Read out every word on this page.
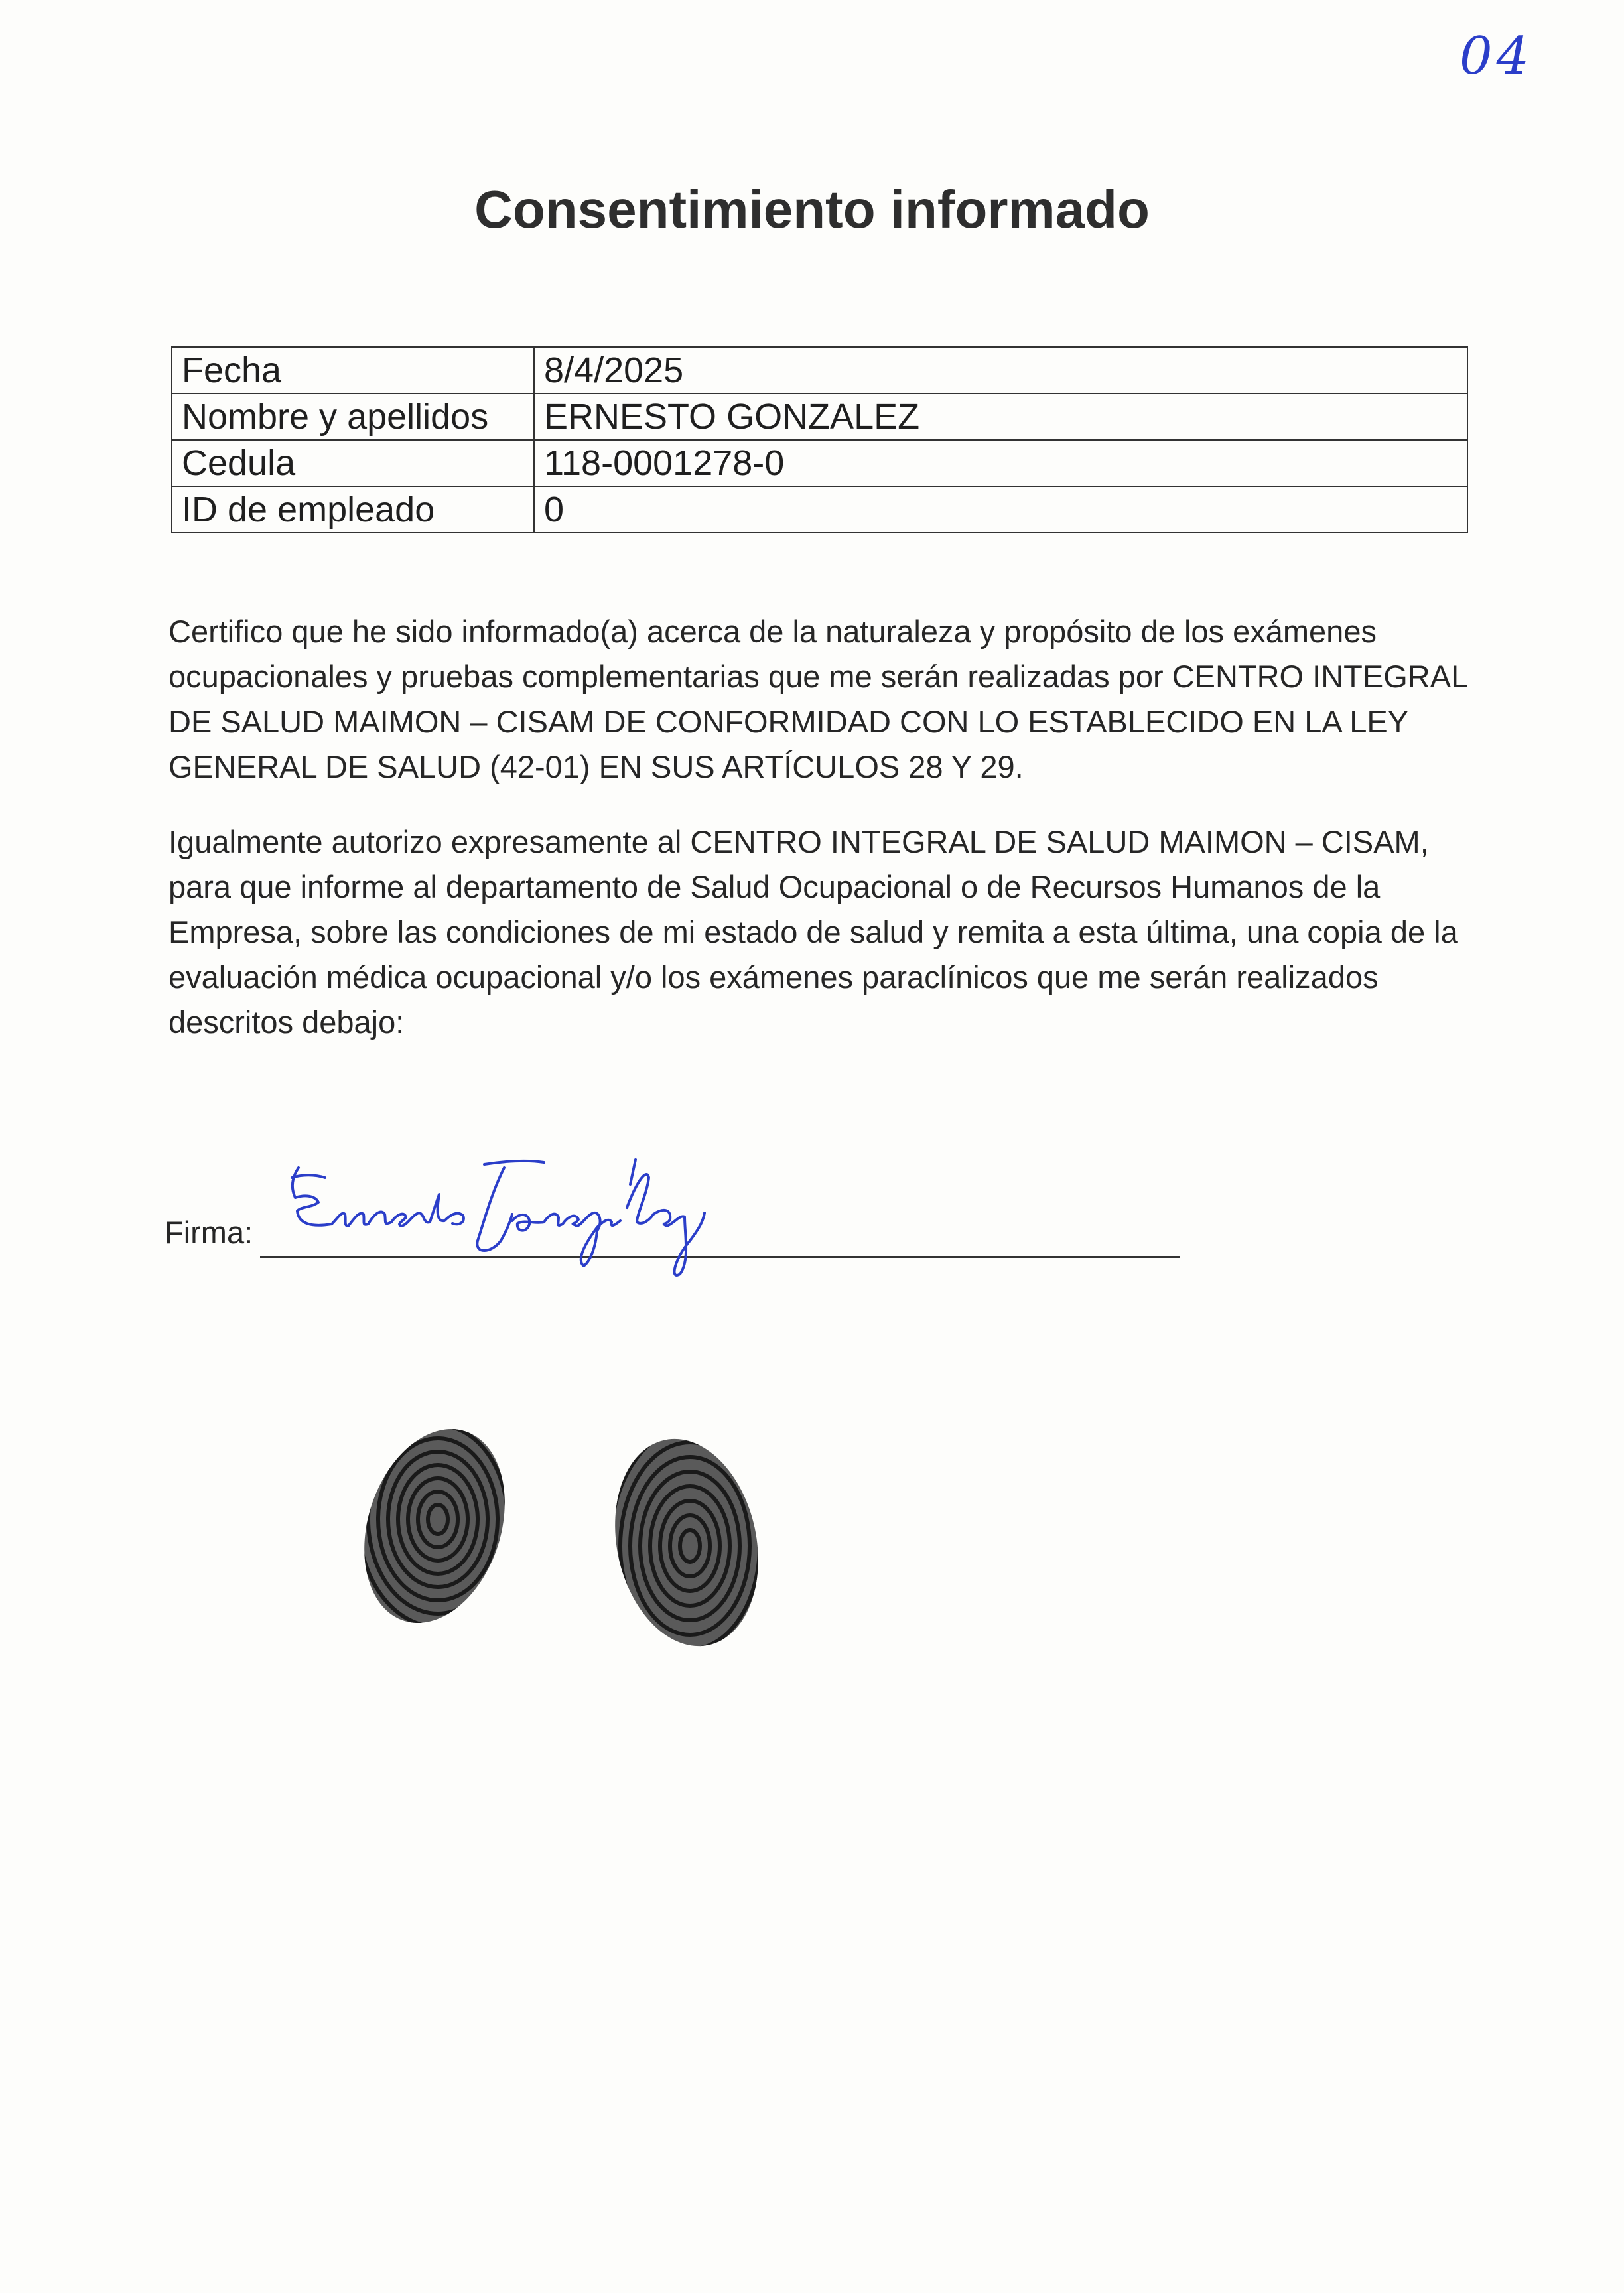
04
Consentimiento informado
Fecha	8/4/2025
Nombre y apellidos	ERNESTO GONZALEZ
Cedula	118-0001278-0
ID de empleado	0
Certifico que he sido informado(a) acerca de la naturaleza y propósito de los exámenes ocupacionales y pruebas complementarias que me serán realizadas por CENTRO INTEGRAL DE SALUD MAIMON – CISAM DE CONFORMIDAD CON LO ESTABLECIDO EN LA LEY GENERAL DE SALUD (42-01) EN SUS ARTÍCULOS 28 Y 29.
Igualmente autorizo expresamente al CENTRO INTEGRAL DE SALUD MAIMON – CISAM, para que informe al departamento de Salud Ocupacional o de Recursos Humanos de la Empresa, sobre las condiciones de mi estado de salud y remita a esta última, una copia de la evaluación médica ocupacional y/o los exámenes paraclínicos que me serán realizados descritos debajo:
Firma:
